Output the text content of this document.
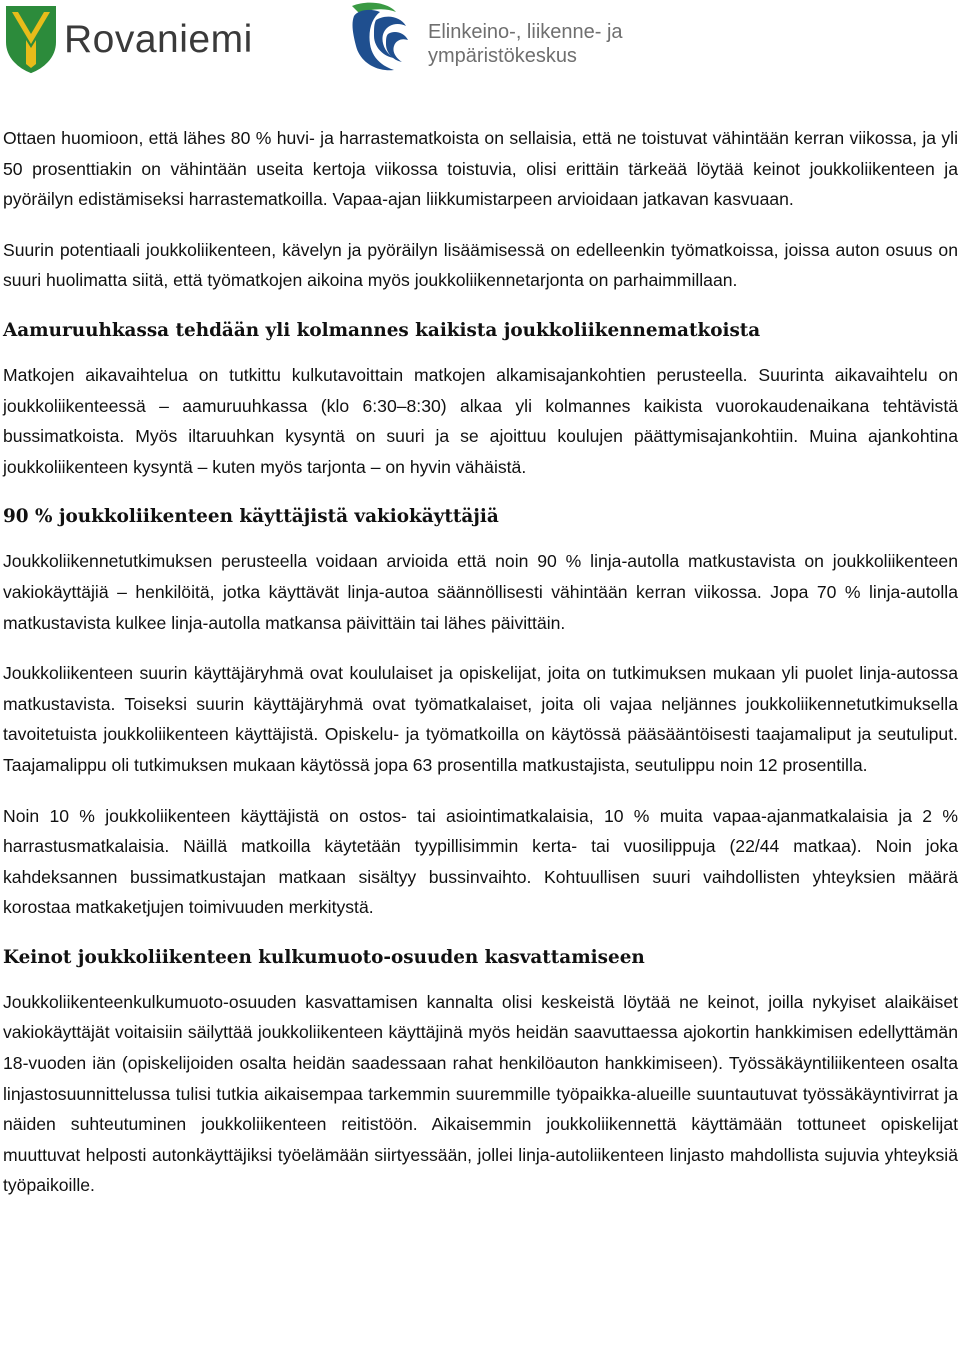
Rovaniemi	Elinkeino-, liikenne- ja
ympäristökeskus

Ottaen huomioon, että lähes 80 % huvi- ja harrastematkoista on sellaisia, että ne toistuvat vähintään kerran viikossa, ja yli 50 prosenttiakin on vähintään useita kertoja viikossa toistuvia, olisi erittäin tärkeää löytää keinot joukkoliikenteen ja pyöräilyn edistämiseksi harrastematkoilla. Vapaa-ajan liikkumistarpeen arvioidaan jatkavan kasvuaan.

Suurin potentiaali joukkoliikenteen, kävelyn ja pyöräilyn lisäämisessä on edelleenkin työmatkoissa, joissa auton osuus on suuri huolimatta siitä, että työmatkojen aikoina myös joukkoliikennetarjonta on parhaimmillaan.

Aamuruuhkassa tehdään yli kolmannes kaikista joukkoliikennematkoista

Matkojen aikavaihtelua on tutkittu kulkutavoittain matkojen alkamisajankohtien perusteella. Suurinta aikavaihtelu on joukkoliikenteessä – aamuruuhkassa (klo 6:30–8:30) alkaa yli kolmannes kaikista vuorokaudenaikana tehtävistä bussimatkoista. Myös iltaruuhkan kysyntä on suuri ja se ajoittuu koulujen päättymisajankohtiin. Muina ajankohtina joukkoliikenteen kysyntä – kuten myös tarjonta – on hyvin vähäistä.

90 % joukkoliikenteen käyttäjistä vakiokäyttäjiä

Joukkoliikennetutkimuksen perusteella voidaan arvioida että noin 90 % linja-autolla matkustavista on joukkoliikenteen vakiokäyttäjiä – henkilöitä, jotka käyttävät linja-autoa säännöllisesti vähintään kerran viikossa. Jopa 70 % linja-autolla matkustavista kulkee linja-autolla matkansa päivittäin tai lähes päivittäin.

Joukkoliikenteen suurin käyttäjäryhmä ovat koululaiset ja opiskelijat, joita on tutkimuksen mukaan yli puolet linja-autossa matkustavista. Toiseksi suurin käyttäjäryhmä ovat työmatkalaiset, joita oli vajaa neljännes joukkoliikennetutkimuksella tavoitetuista joukkoliikenteen käyttäjistä. Opiskelu- ja työmatkoilla on käytössä pääsääntöisesti taajamaliput ja seutuliput. Taajamalippu oli tutkimuksen mukaan käytössä jopa 63 prosentilla matkustajista, seutulippu noin 12 prosentilla.

Noin 10 % joukkoliikenteen käyttäjistä on ostos- tai asiointimatkalaisia, 10 % muita vapaa-ajanmatkalaisia ja 2 % harrastusmatkalaisia. Näillä matkoilla käytetään tyypillisimmin kerta- tai vuosilippuja (22/44 matkaa). Noin joka kahdeksannen bussimatkustajan matkaan sisältyy bussinvaihto. Kohtuullisen suuri vaihdollisten yhteyksien määrä korostaa matkaketjujen toimivuuden merkitystä.

Keinot joukkoliikenteen kulkumuoto-osuuden kasvattamiseen

Joukkoliikenteenkulkumuoto-osuuden kasvattamisen kannalta olisi keskeistä löytää ne keinot, joilla nykyiset alaikäiset vakiokäyttäjät voitaisiin säilyttää joukkoliikenteen käyttäjinä myös heidän saavuttaessa ajokortin hankkimisen edellyttämän 18-vuoden iän (opiskelijoiden osalta heidän saadessaan rahat henkilöauton hankkimiseen). Työssäkäyntiliikenteen osalta linjastosuunnittelussa tulisi tutkia aikaisempaa tarkemmin suuremmille työpaikka-alueille suuntautuvat työssäkäyntivirrat ja näiden suhteutuminen joukkoliikenteen reitistöön. Aikaisemmin joukkoliikennettä käyttämään tottuneet opiskelijat muuttuvat helposti autonkäyttäjiksi työelämään siirtyessään, jollei linja-autoliikenteen linjasto mahdollista sujuvia yhteyksiä työpaikoille.
